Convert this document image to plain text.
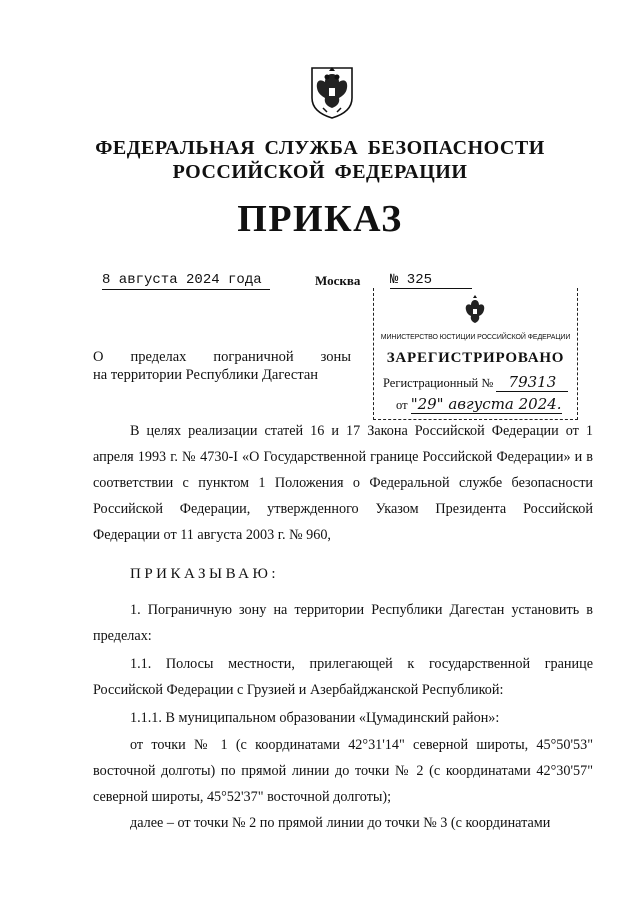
ФЕДЕРАЛЬНАЯ СЛУЖБА БЕЗОПАСНОСТИ
РОССИЙСКОЙ ФЕДЕРАЦИИ
ПРИКАЗ
8 августа 2024 года	Москва № 325
О пределах пограничной зоны
на территории Республики Дагестан
МИНИСТЕРСТВО ЮСТИЦИИ РОССИЙСКОЙ ФЕДЕРАЦИИ
ЗАРЕГИСТРИРОВАНО
Регистрационный № 79313
от "29" августа 2024.
В целях реализации статей 16 и 17 Закона Российской Федерации от 1 апреля 1993 г. № 4730-I «О Государственной границе Российской Федерации» и в соответствии с пунктом 1 Положения о Федеральной службе безопасности Российской Федерации, утвержденного Указом Президента Российской Федерации от 11 августа 2003 г. № 960,
ПРИКАЗЫВАЮ:
1. Пограничную зону на территории Республики Дагестан установить в пределах:
1.1. Полосы местности, прилегающей к государственной границе Российской Федерации с Грузией и Азербайджанской Республикой:
1.1.1. В муниципальном образовании «Цумадинский район»:
от точки № 1 (с координатами 42°31'14" северной широты, 45°50'53" восточной долготы) по прямой линии до точки № 2 (с координатами 42°30'57" северной широты, 45°52'37" восточной долготы);
далее – от точки № 2 по прямой линии до точки № 3 (с координатами
